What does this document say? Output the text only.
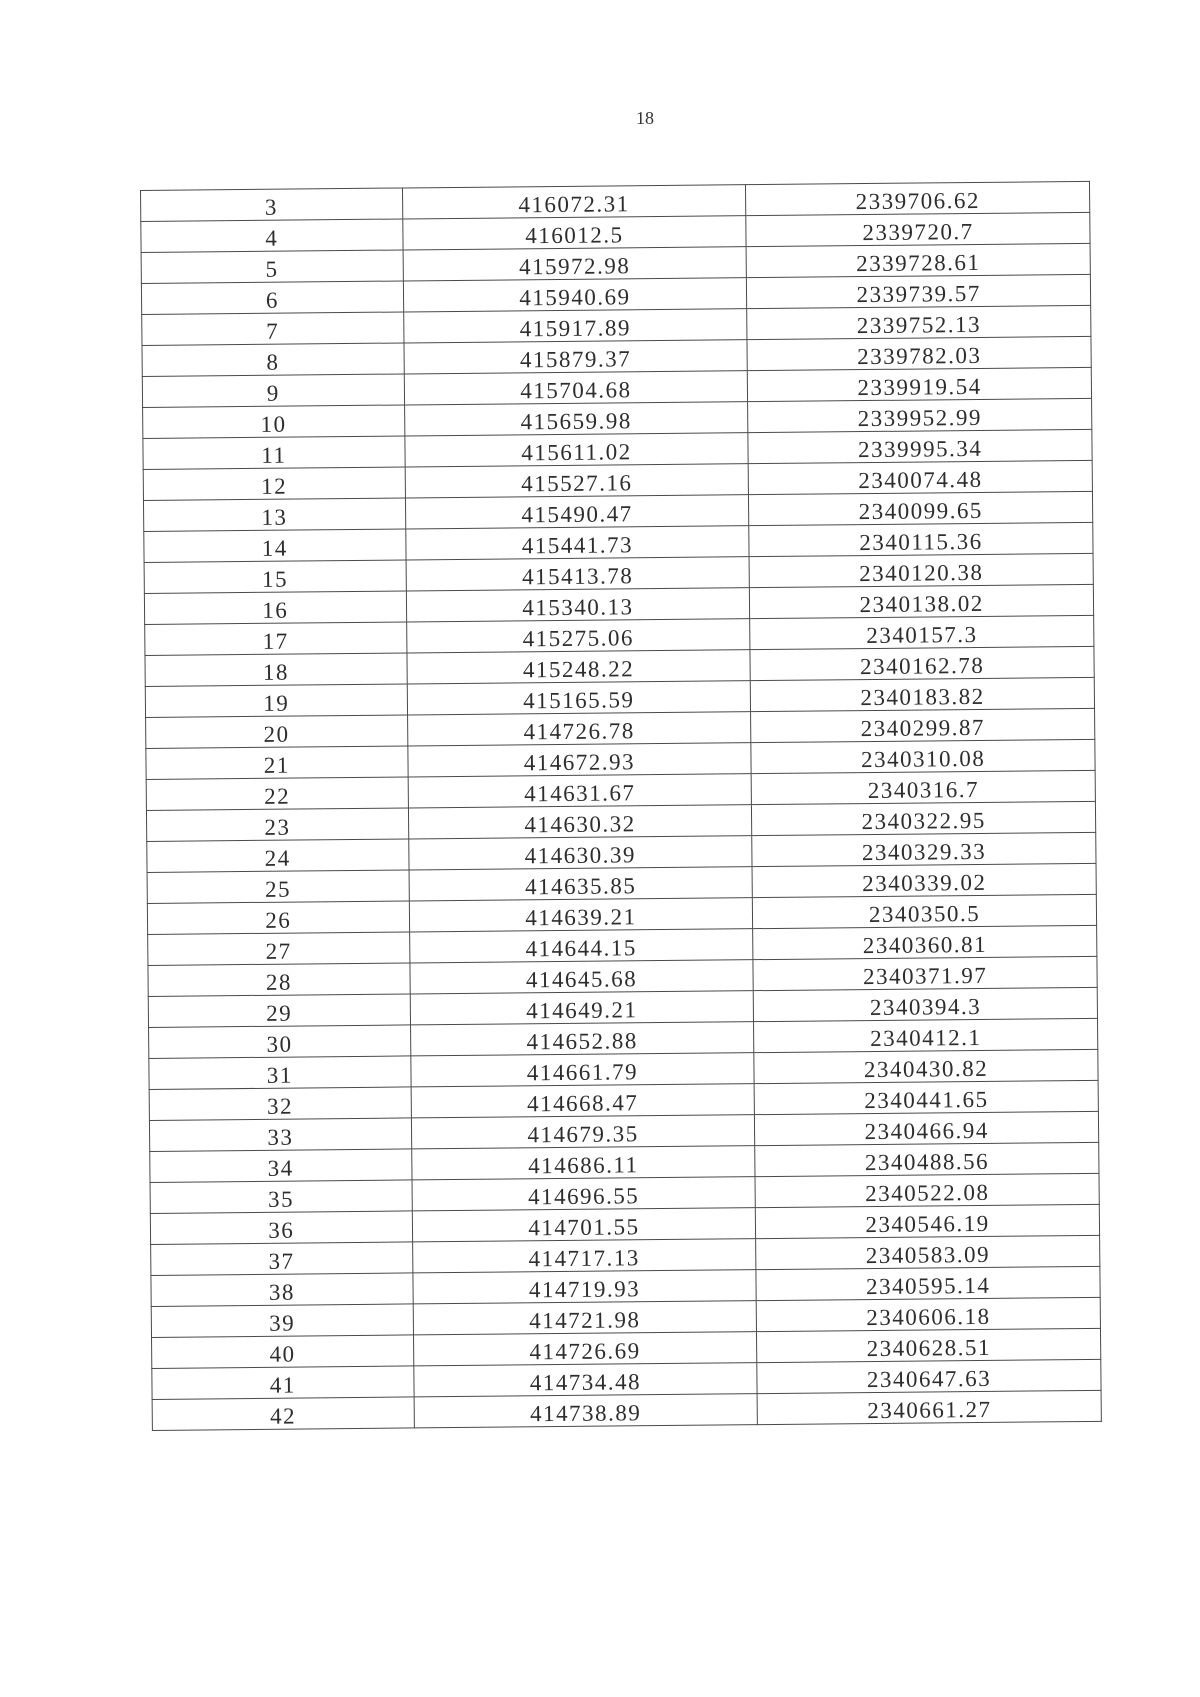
18
3	416072.31	2339706.62
4	416012.5	2339720.7
5	415972.98	2339728.61
6	415940.69	2339739.57
7	415917.89	2339752.13
8	415879.37	2339782.03
9	415704.68	2339919.54
10	415659.98	2339952.99
11	415611.02	2339995.34
12	415527.16	2340074.48
13	415490.47	2340099.65
14	415441.73	2340115.36
15	415413.78	2340120.38
16	415340.13	2340138.02
17	415275.06	2340157.3
18	415248.22	2340162.78
19	415165.59	2340183.82
20	414726.78	2340299.87
21	414672.93	2340310.08
22	414631.67	2340316.7
23	414630.32	2340322.95
24	414630.39	2340329.33
25	414635.85	2340339.02
26	414639.21	2340350.5
27	414644.15	2340360.81
28	414645.68	2340371.97
29	414649.21	2340394.3
30	414652.88	2340412.1
31	414661.79	2340430.82
32	414668.47	2340441.65
33	414679.35	2340466.94
34	414686.11	2340488.56
35	414696.55	2340522.08
36	414701.55	2340546.19
37	414717.13	2340583.09
38	414719.93	2340595.14
39	414721.98	2340606.18
40	414726.69	2340628.51
41	414734.48	2340647.63
42	414738.89	2340661.27
